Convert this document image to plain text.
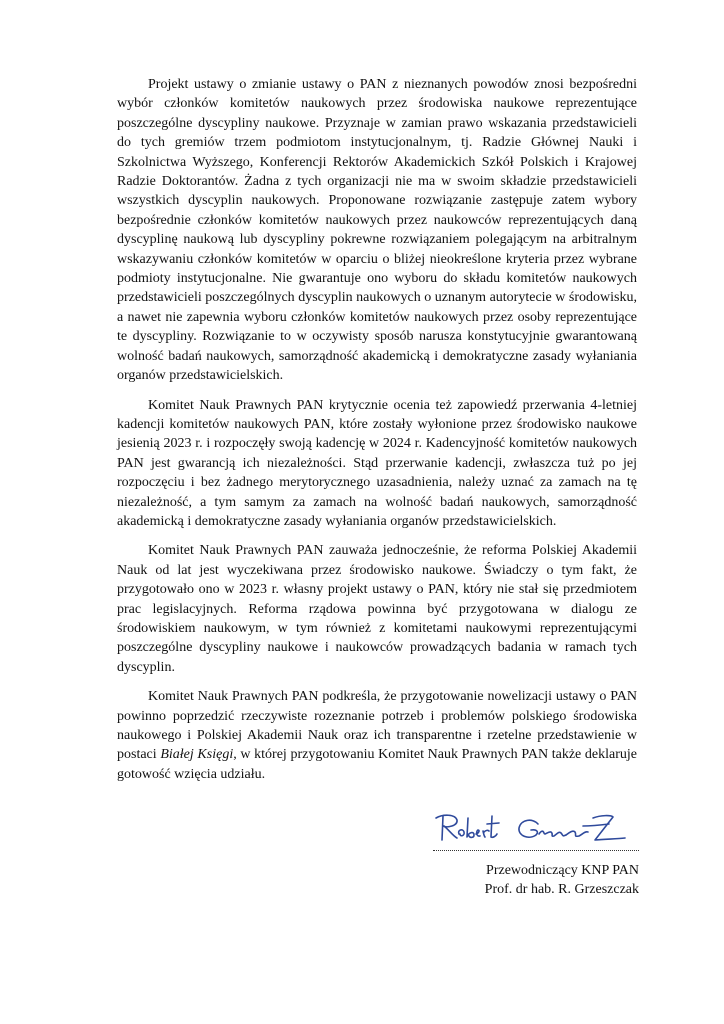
Projekt ustawy o zmianie ustawy o PAN z nieznanych powodów znosi bezpośredni wybór członków komitetów naukowych przez środowiska naukowe reprezentujące poszczególne dyscypliny naukowe. Przyznaje w zamian prawo wskazania przedstawicieli do tych gremiów trzem podmiotom instytucjonalnym, tj. Radzie Głównej Nauki i Szkolnictwa Wyższego, Konferencji Rektorów Akademickich Szkół Polskich i Krajowej Radzie Doktorantów. Żadna z tych organizacji nie ma w swoim składzie przedstawicieli wszystkich dyscyplin naukowych. Proponowane rozwiązanie zastępuje zatem wybory bezpośrednie członków komitetów naukowych przez naukowców reprezentujących daną dyscyplinę naukową lub dyscypliny pokrewne rozwiązaniem polegającym na arbitralnym wskazywaniu członków komitetów w oparciu o bliżej nieokreślone kryteria przez wybrane podmioty instytucjonalne. Nie gwarantuje ono wyboru do składu komitetów naukowych przedstawicieli poszczególnych dyscyplin naukowych o uznanym autorytecie w środowisku, a nawet nie zapewnia wyboru członków komitetów naukowych przez osoby reprezentujące te dyscypliny. Rozwiązanie to w oczywisty sposób narusza konstytucyjnie gwarantowaną wolność badań naukowych, samorządność akademicką i demokratyczne zasady wyłaniania organów przedstawicielskich.

Komitet Nauk Prawnych PAN krytycznie ocenia też zapowiedź przerwania 4-letniej kadencji komitetów naukowych PAN, które zostały wyłonione przez środowisko naukowe jesienią 2023 r. i rozpoczęły swoją kadencję w 2024 r. Kadencyjność komitetów naukowych PAN jest gwarancją ich niezależności. Stąd przerwanie kadencji, zwłaszcza tuż po jej rozpoczęciu i bez żadnego merytorycznego uzasadnienia, należy uznać za zamach na tę niezależność, a tym samym za zamach na wolność badań naukowych, samorządność akademicką i demokratyczne zasady wyłaniania organów przedstawicielskich.

Komitet Nauk Prawnych PAN zauważa jednocześnie, że reforma Polskiej Akademii Nauk od lat jest wyczekiwana przez środowisko naukowe. Świadczy o tym fakt, że przygotowało ono w 2023 r. własny projekt ustawy o PAN, który nie stał się przedmiotem prac legislacyjnych. Reforma rządowa powinna być przygotowana w dialogu ze środowiskiem naukowym, w tym również z komitetami naukowymi reprezentującymi poszczególne dyscypliny naukowe i naukowców prowadzących badania w ramach tych dyscyplin.

Komitet Nauk Prawnych PAN podkreśla, że przygotowanie nowelizacji ustawy o PAN powinno poprzedzić rzeczywiste rozeznanie potrzeb i problemów polskiego środowiska naukowego i Polskiej Akademii Nauk oraz ich transparentne i rzetelne przedstawienie w postaci Białej Księgi, w której przygotowaniu Komitet Nauk Prawnych PAN także deklaruje gotowość wzięcia udziału.

Przewodniczący KNP PAN
Prof. dr hab. R. Grzeszczak
